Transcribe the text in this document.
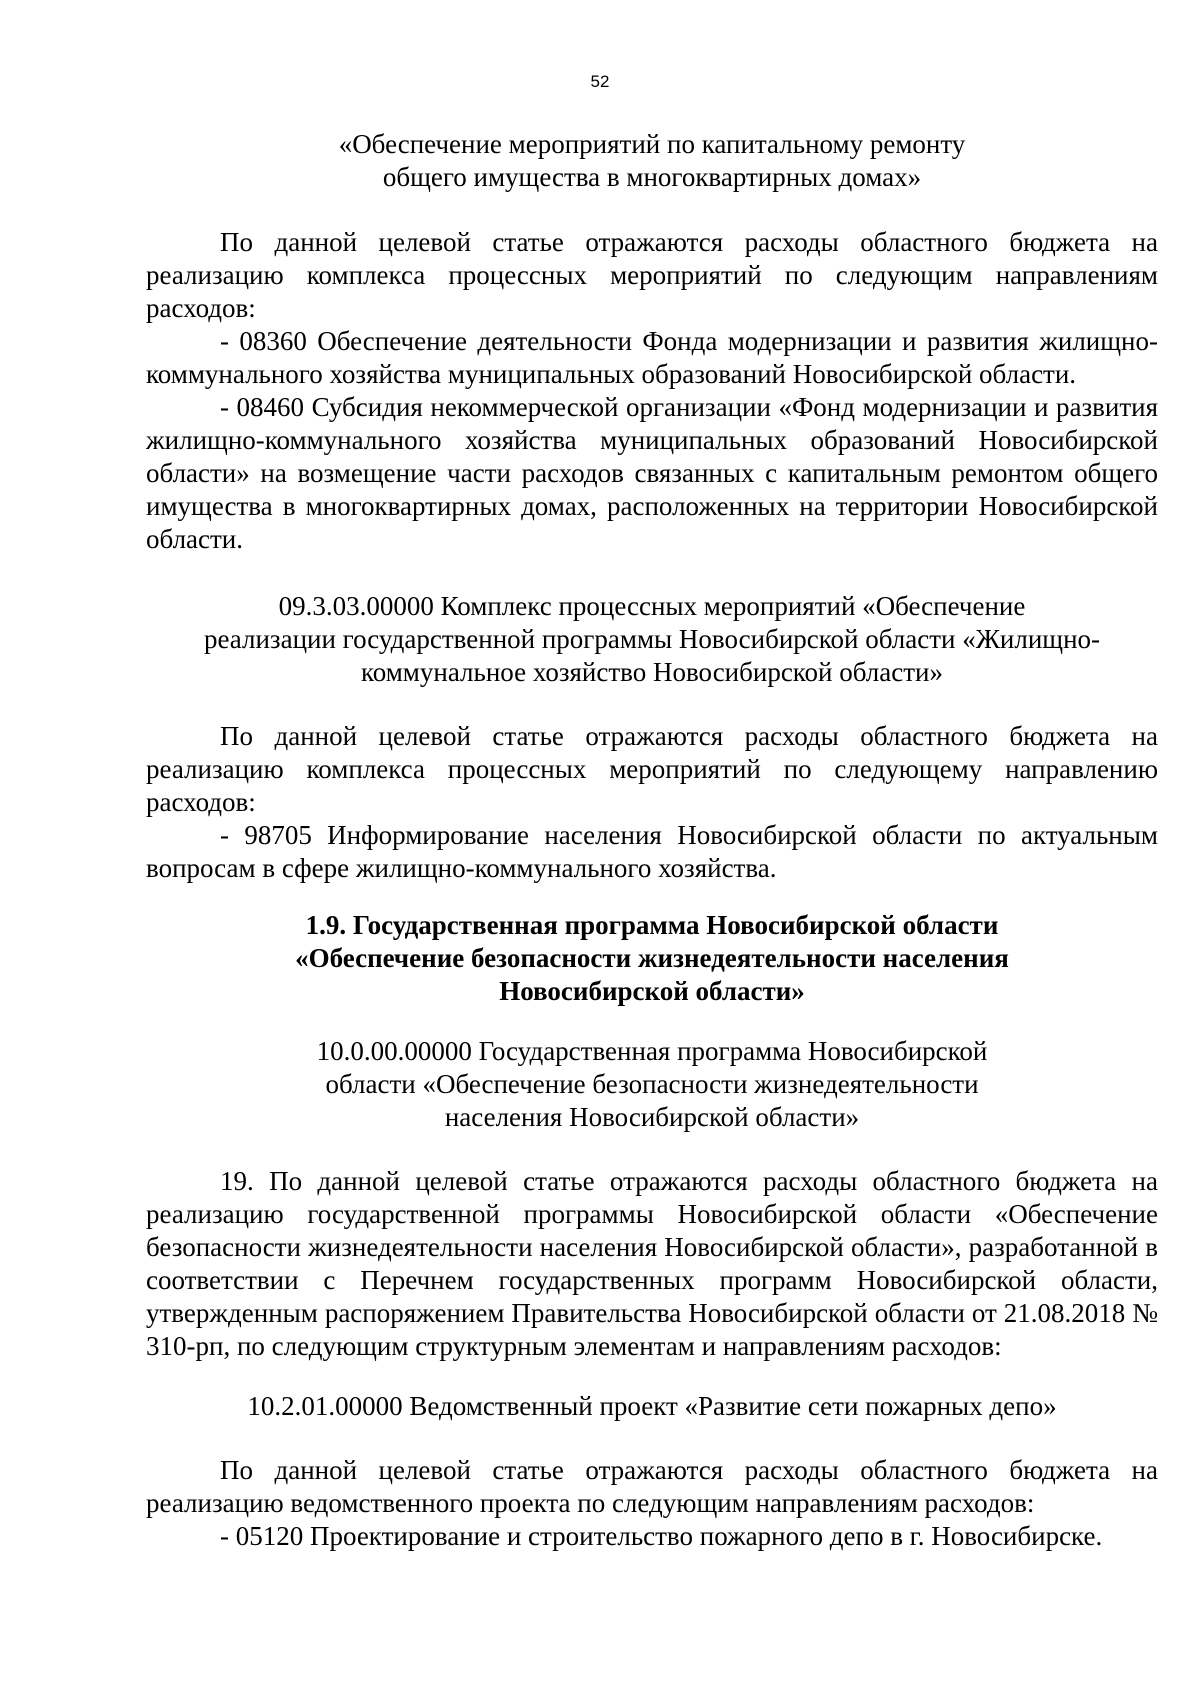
52

«Обеспечение мероприятий по капитальному ремонту
общего имущества в многоквартирных домах»

По данной целевой статье отражаются расходы областного бюджета на реализацию комплекса процессных мероприятий по следующим направлениям расходов:

- 08360 Обеспечение деятельности Фонда модернизации и развития жилищно-коммунального хозяйства муниципальных образований Новосибирской области.

- 08460 Субсидия некоммерческой организации «Фонд модернизации и развития жилищно-коммунального хозяйства муниципальных образований Новосибирской области» на возмещение части расходов связанных с капитальным ремонтом общего имущества в многоквартирных домах, расположенных на территории Новосибирской области.

09.3.03.00000 Комплекс процессных мероприятий «Обеспечение
реализации государственной программы Новосибирской области «Жилищно-
коммунальное хозяйство Новосибирской области»

По данной целевой статье отражаются расходы областного бюджета на реализацию комплекса процессных мероприятий по следующему направлению расходов:

- 98705 Информирование населения Новосибирской области по актуальным вопросам в сфере жилищно-коммунального хозяйства.

1.9. Государственная программа Новосибирской области
«Обеспечение безопасности жизнедеятельности населения
Новосибирской области»

10.0.00.00000 Государственная программа Новосибирской
области «Обеспечение безопасности жизнедеятельности
населения Новосибирской области»

19. По данной целевой статье отражаются расходы областного бюджета на реализацию государственной программы Новосибирской области «Обеспечение безопасности жизнедеятельности населения Новосибирской области», разработанной в соответствии с Перечнем государственных программ Новосибирской области, утвержденным распоряжением Правительства Новосибирской области от 21.08.2018 № 310-рп, по следующим структурным элементам и направлениям расходов:

10.2.01.00000 Ведомственный проект «Развитие сети пожарных депо»

По данной целевой статье отражаются расходы областного бюджета на реализацию ведомственного проекта по следующим направлениям расходов:

- 05120 Проектирование и строительство пожарного депо в г. Новосибирске.
